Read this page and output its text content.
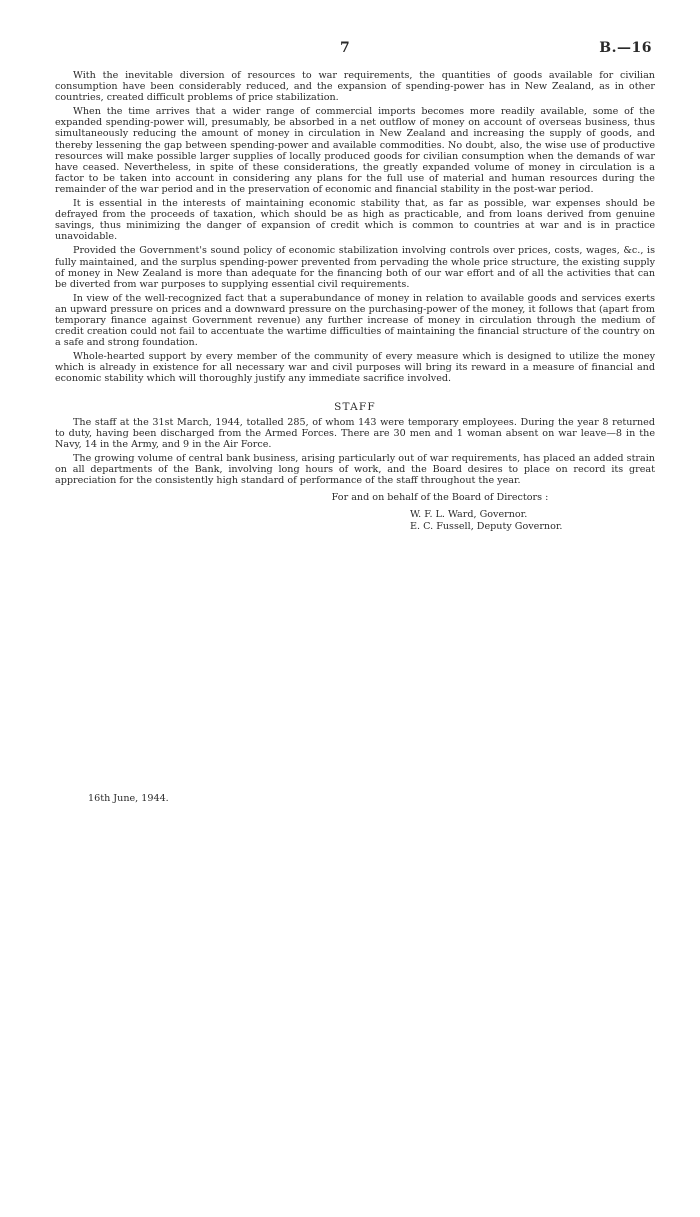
7	B.—16

With the inevitable diversion of resources to war requirements, the quantities of goods available for civilian consumption have been considerably reduced, and the expansion of spending-power has in New Zealand, as in other countries, created difficult problems of price stabilization.

When the time arrives that a wider range of commercial imports becomes more readily available, some of the expanded spending-power will, presumably, be absorbed in a net outflow of money on account of overseas business, thus simultaneously reducing the amount of money in circulation in New Zealand and increasing the supply of goods, and thereby lessening the gap between spending-power and available commodities. No doubt, also, the wise use of productive resources will make possible larger supplies of locally produced goods for civilian consumption when the demands of war have ceased. Nevertheless, in spite of these considerations, the greatly expanded volume of money in circulation is a factor to be taken into account in considering any plans for the full use of material and human resources during the remainder of the war period and in the preservation of economic and financial stability in the post-war period.

It is essential in the interests of maintaining economic stability that, as far as possible, war expenses should be defrayed from the proceeds of taxation, which should be as high as practicable, and from loans derived from genuine savings, thus minimizing the danger of expansion of credit which is common to countries at war and is in practice unavoidable.

Provided the Government's sound policy of economic stabilization involving controls over prices, costs, wages, &c., is fully maintained, and the surplus spending-power prevented from pervading the whole price structure, the existing supply of money in New Zealand is more than adequate for the financing both of our war effort and of all the activities that can be diverted from war purposes to supplying essential civil requirements.

In view of the well-recognized fact that a superabundance of money in relation to available goods and services exerts an upward pressure on prices and a downward pressure on the purchasing-power of the money, it follows that (apart from temporary finance against Government revenue) any further increase of money in circulation through the medium of credit creation could not fail to accentuate the wartime difficulties of maintaining the financial structure of the country on a safe and strong foundation.

Whole-hearted support by every member of the community of every measure which is designed to utilize the money which is already in existence for all necessary war and civil purposes will bring its reward in a measure of financial and economic stability which will thoroughly justify any immediate sacrifice involved.

STAFF

The staff at the 31st March, 1944, totalled 285, of whom 143 were temporary employees. During the year 8 returned to duty, having been discharged from the Armed Forces. There are 30 men and 1 woman absent on war leave—8 in the Navy, 14 in the Army, and 9 in the Air Force.

The growing volume of central bank business, arising particularly out of war requirements, has placed an added strain on all departments of the Bank, involving long hours of work, and the Board desires to place on record its great appreciation for the consistently high standard of performance of the staff throughout the year.

For and on behalf of the Board of Directors :
W. F. L. Ward, Governor.
E. C. Fussell, Deputy Governor.
16th June, 1944.
